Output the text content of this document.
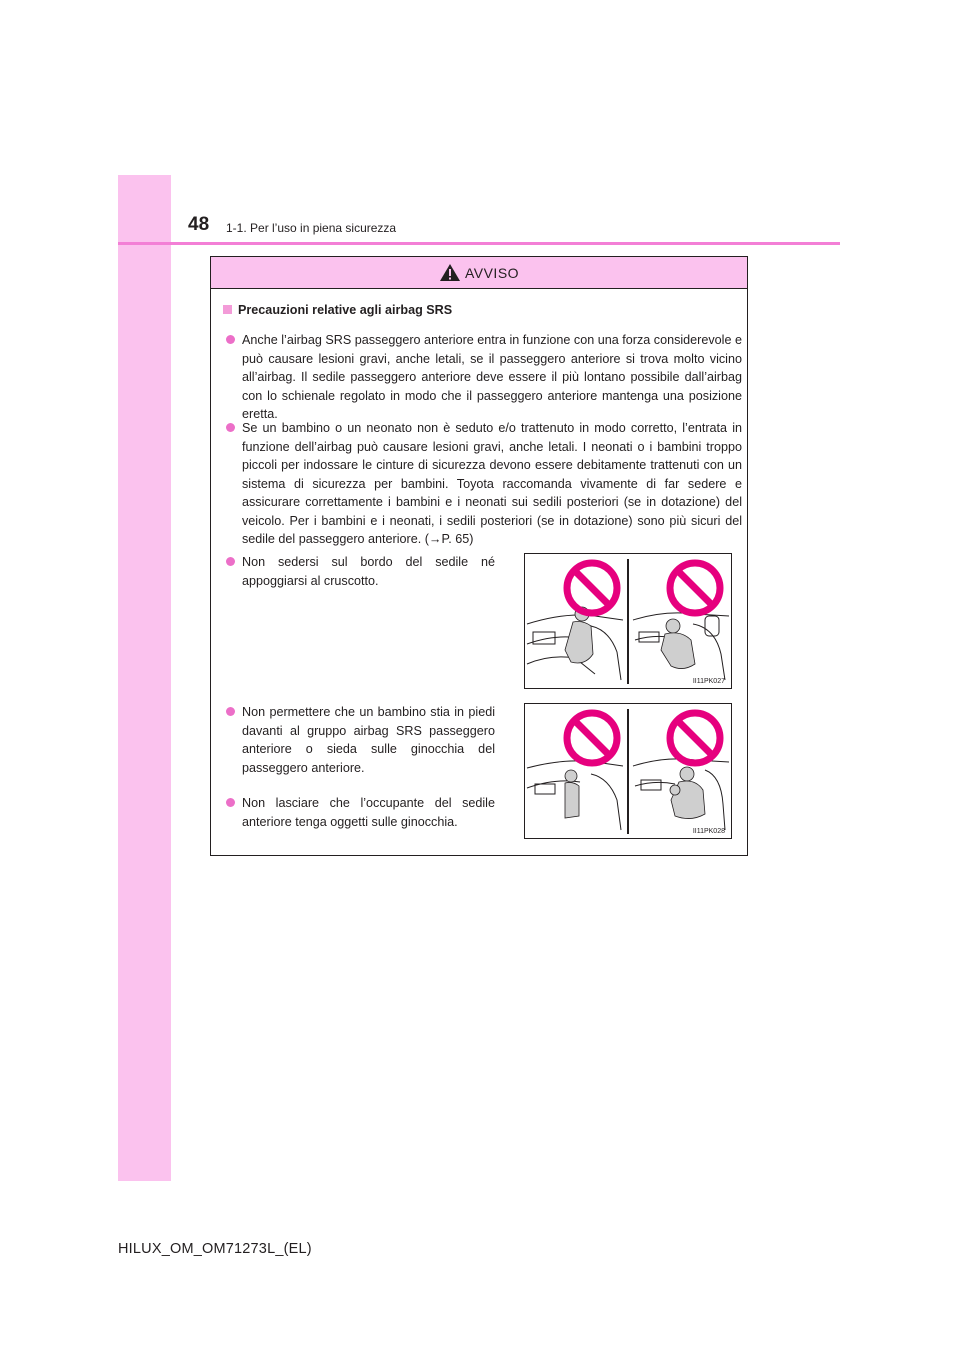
48 1-1. Per l’uso in piena sicurezza
AVVISO
Precauzioni relative agli airbag SRS
Anche l’airbag SRS passeggero anteriore entra in funzione con una forza considerevole e può causare lesioni gravi, anche letali, se il passeggero anteriore si trova molto vicino all’airbag. Il sedile passeggero anteriore deve essere il più lontano possibile dall’airbag con lo schienale regolato in modo che il passeggero anteriore mantenga una posizione eretta.
Se un bambino o un neonato non è seduto e/o trattenuto in modo corretto, l’entrata in funzione dell’airbag può causare lesioni gravi, anche letali. I neonati o i bambini troppo piccoli per indossare le cinture di sicurezza devono essere debitamente trattenuti con un sistema di sicurezza per bambini. Toyota raccomanda vivamente di far sedere e assicurare correttamente i bambini e i neonati sui sedili posteriori (se in dotazione) del veicolo. Per i bambini e i neonati, i sedili posteriori (se in dotazione) sono più sicuri del sedile del passeggero anteriore. (→P. 65)
Non sedersi sul bordo del sedile né appoggiarsi al cruscotto.
Non permettere che un bambino stia in piedi davanti al gruppo airbag SRS passeggero anteriore o sieda sulle ginocchia del passeggero anteriore.
Non lasciare che l’occupante del sedile anteriore tenga oggetti sulle ginocchia.
II11PK027
II11PK028
HILUX_OM_OM71273L_(EL)
